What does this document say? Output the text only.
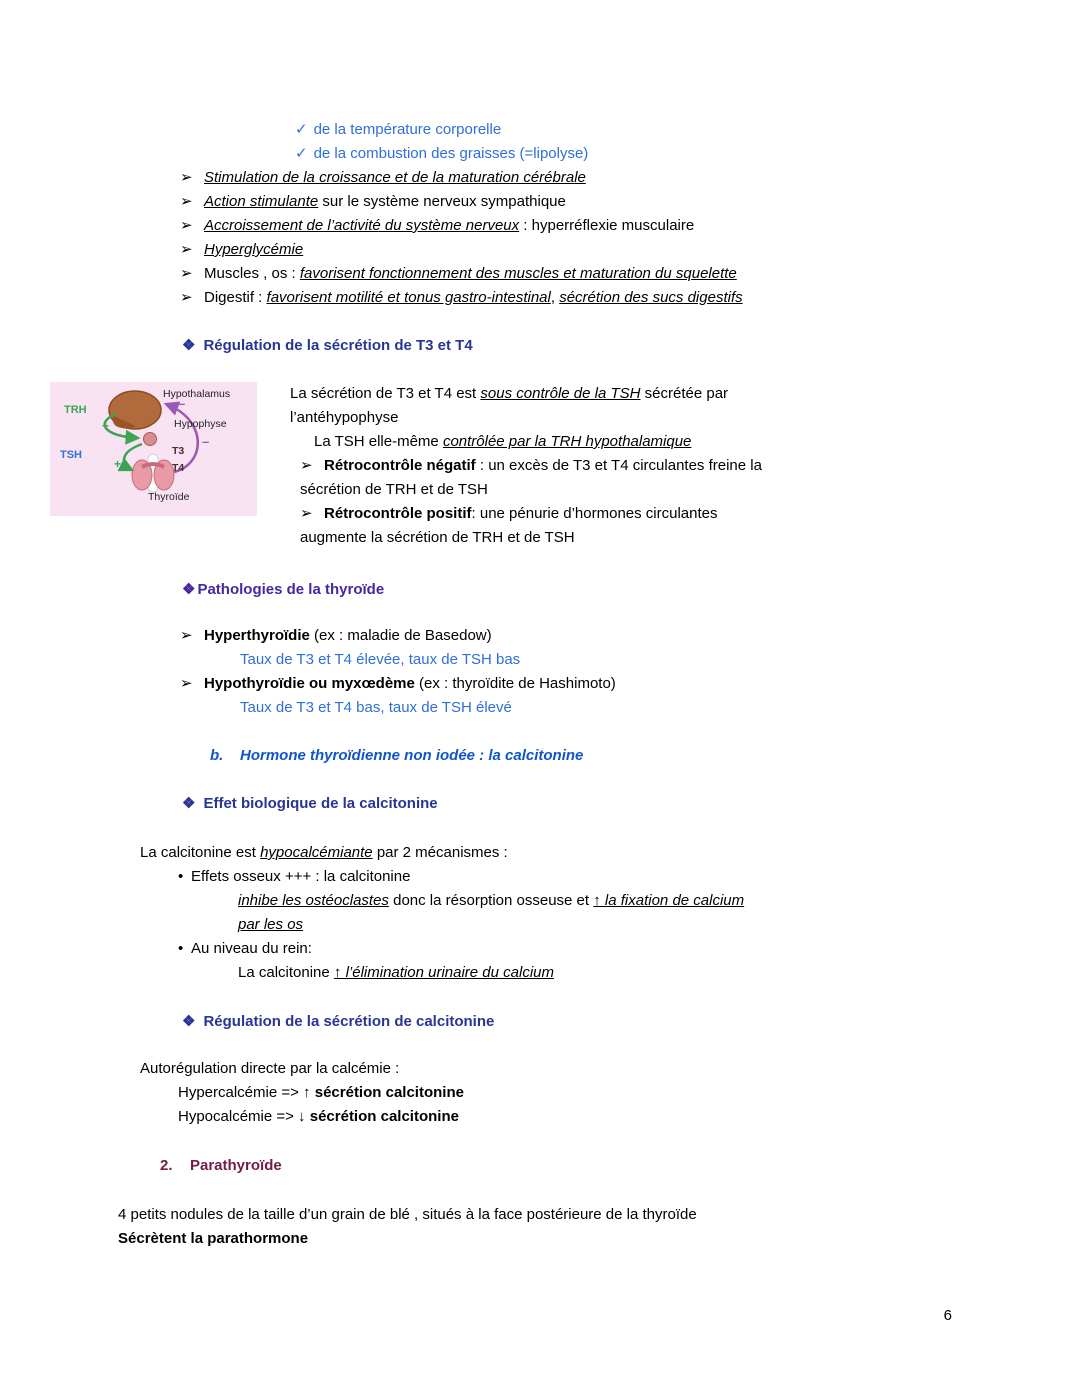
✓ de la température corporelle
✓ de la combustion des graisses (=lipolyse)
➢ Stimulation de la croissance et de la maturation cérébrale
➢ Action stimulante sur le système nerveux sympathique
➢ Accroissement de l’activité du système nerveux : hyperréflexie musculaire
➢ Hyperglycémie
➢ Muscles , os : favorisent fonctionnement des muscles et maturation du squelette
➢ Digestif : favorisent motilité et tonus gastro-intestinal, sécrétion des sucs digestifs
❖ Régulation de la sécrétion de T3 et T4
+
+
–
–
Hypothalamus
TRH
Hypophyse
TSH	T3
T4
Thyroïde
La sécrétion de T3 et T4 est sous contrôle de la TSH sécrétée par
l’antéhypophyse
La TSH elle-même contrôlée par la TRH hypothalamique
➢ Rétrocontrôle négatif : un excès de T3 et T4 circulantes freine la
sécrétion de TRH et de TSH
➢ Rétrocontrôle positif: une pénurie d’hormones circulantes
augmente la sécrétion de TRH et de TSH
❖ Pathologies de la thyroïde
➢ Hyperthyroïdie (ex : maladie de Basedow)
Taux de T3 et T4 élevée, taux de TSH bas
➢ Hypothyroïdie ou myxœdème (ex : thyroïdite de Hashimoto)
Taux de T3 et T4 bas, taux de TSH élevé
b. Hormone thyroïdienne non iodée : la calcitonine
❖ Effet biologique de la calcitonine
La calcitonine est hypocalcémiante par 2 mécanismes :
• Effets osseux +++ : la calcitonine
inhibe les ostéoclastes donc la résorption osseuse et ↑ la fixation de calcium
par les os
• Au niveau du rein:
La calcitonine ↑ l’élimination urinaire du calcium
❖ Régulation de la sécrétion de calcitonine
Autorégulation directe par la calcémie :
Hypercalcémie => ↑ sécrétion calcitonine
Hypocalcémie => ↓ sécrétion calcitonine
2. Parathyroïde
4 petits nodules de la taille d’un grain de blé , situés à la face postérieure de la thyroïde
Sécrètent la parathormone
6
